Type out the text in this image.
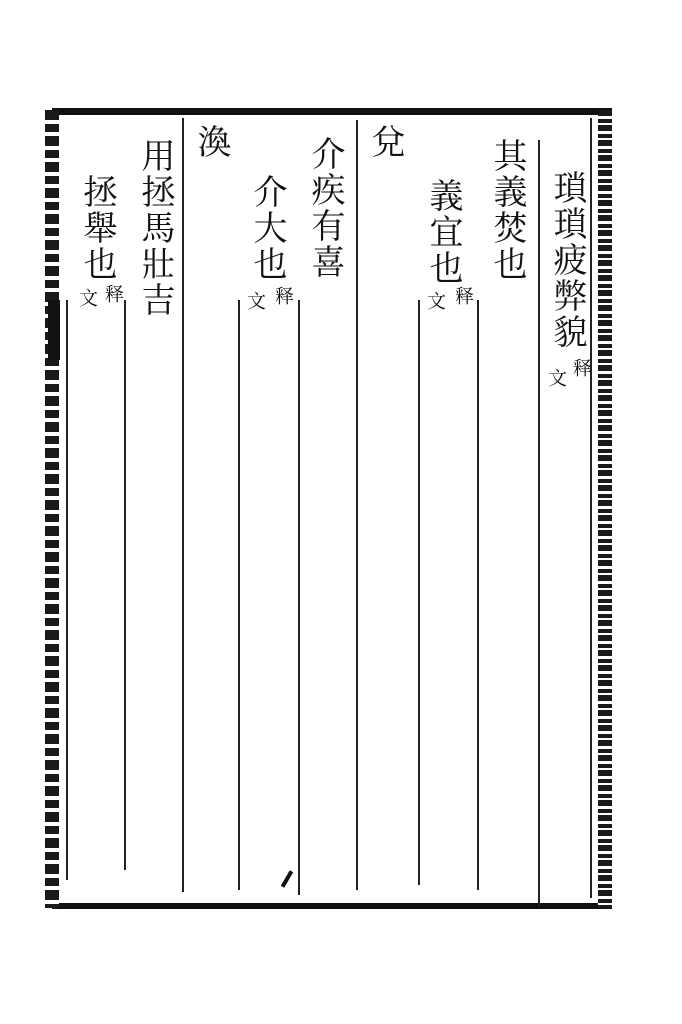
瑣瑣疲弊貌
文
释
其義焚也
義宜也
文 释
兌
介疾有喜
介大也
文 释
渙
用拯馬壯吉
拯舉也
文 释
